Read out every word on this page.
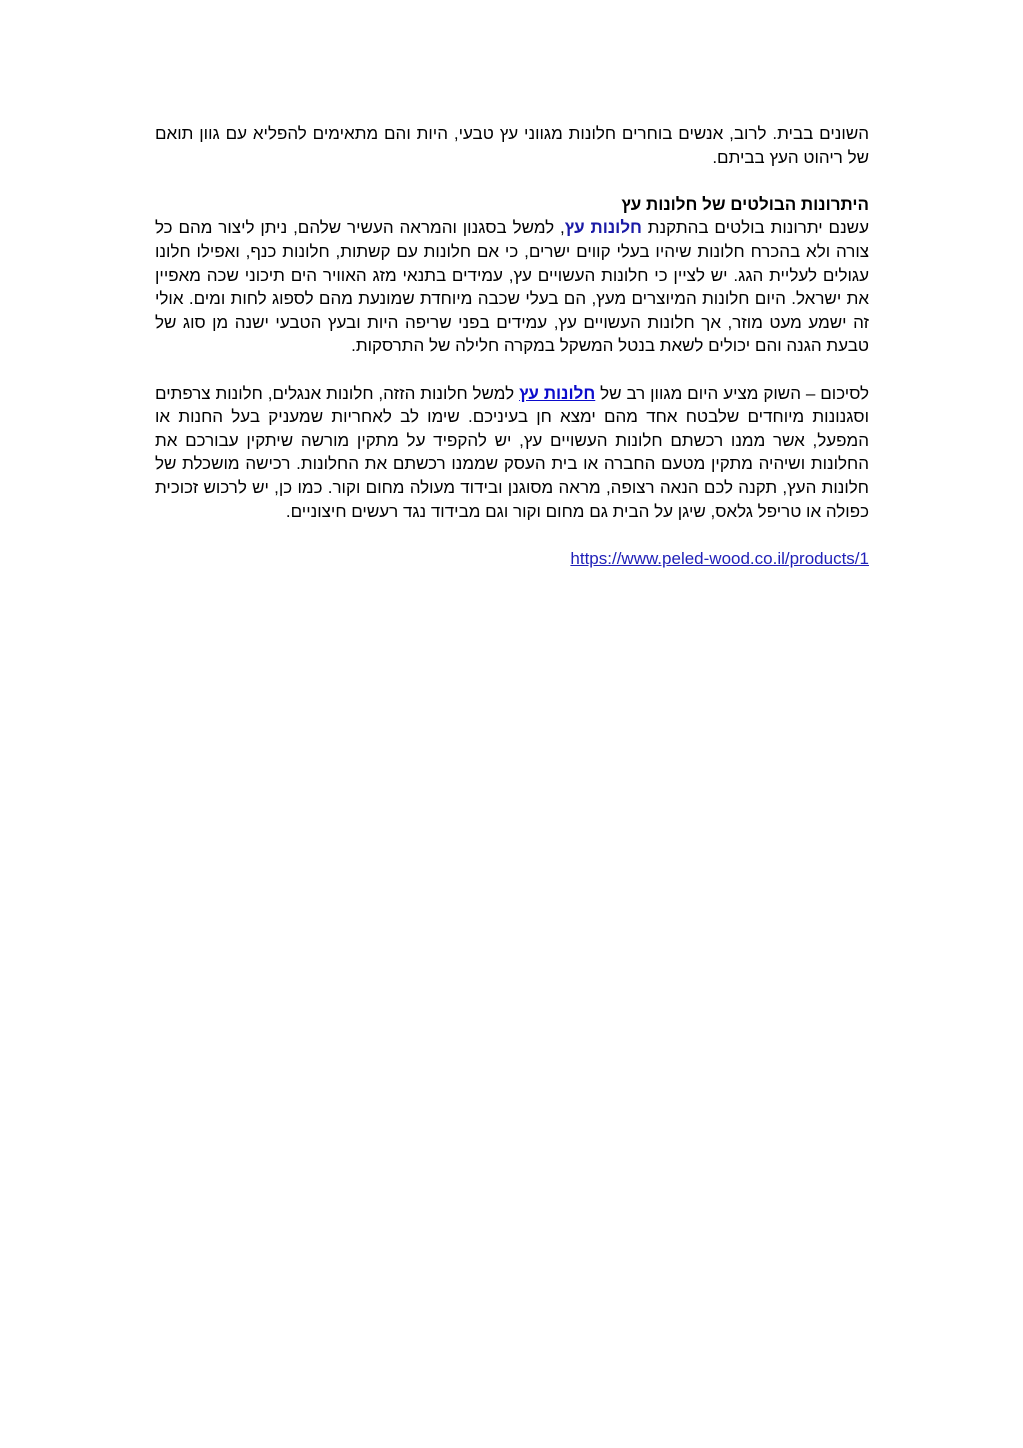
השונים בבית. לרוב, אנשים בוחרים חלונות מגווני עץ טבעי, היות והם מתאימים להפליא עם גוון תואם של ריהוט העץ בביתם.

היתרונות הבולטים של חלונות עץ

עשנם יתרונות בולטים בהתקנת חלונות עץ, למשל בסגנון והמראה העשיר שלהם, ניתן ליצור מהם כל צורה ולא בהכרח חלונות שיהיו בעלי קווים ישרים, כי אם חלונות עם קשתות, חלונות כנף, ואפילו חלונו עגולים לעליית הגג. יש לציין כי חלונות העשויים עץ, עמידים בתנאי מזג האוויר הים תיכוני שכה מאפיין את ישראל. היום חלונות המיוצרים מעץ, הם בעלי שכבה מיוחדת שמונעת מהם לספוג לחות ומים. אולי זה ישמע מעט מוזר, אך חלונות העשויים עץ, עמידים בפני שריפה היות ובעץ הטבעי ישנה מן סוג של טבעת הגנה והם יכולים לשאת בנטל המשקל במקרה חלילה של התרסקות.

לסיכום – השוק מציע היום מגוון רב של חלונות עץ למשל חלונות הזזה, חלונות אנגלים, חלונות צרפתים וסגנונות מיוחדים שלבטח אחד מהם ימצא חן בעיניכם. שימו לב לאחריות שמעניק בעל החנות או המפעל, אשר ממנו רכשתם חלונות העשויים עץ, יש להקפיד על מתקין מורשה שיתקין עבורכם את החלונות ושיהיה מתקין מטעם החברה או בית העסק שממנו רכשתם את החלונות. רכישה מושכלת של חלונות העץ, תקנה לכם הנאה רצופה, מראה מסוגנן ובידוד מעולה מחום וקור. כמו כן, יש לרכוש זכוכית כפולה או טריפל גלאס, שיגן על הבית גם מחום וקור וגם מבידוד נגד רעשים חיצוניים.

https://www.peled-wood.co.il/products/1
